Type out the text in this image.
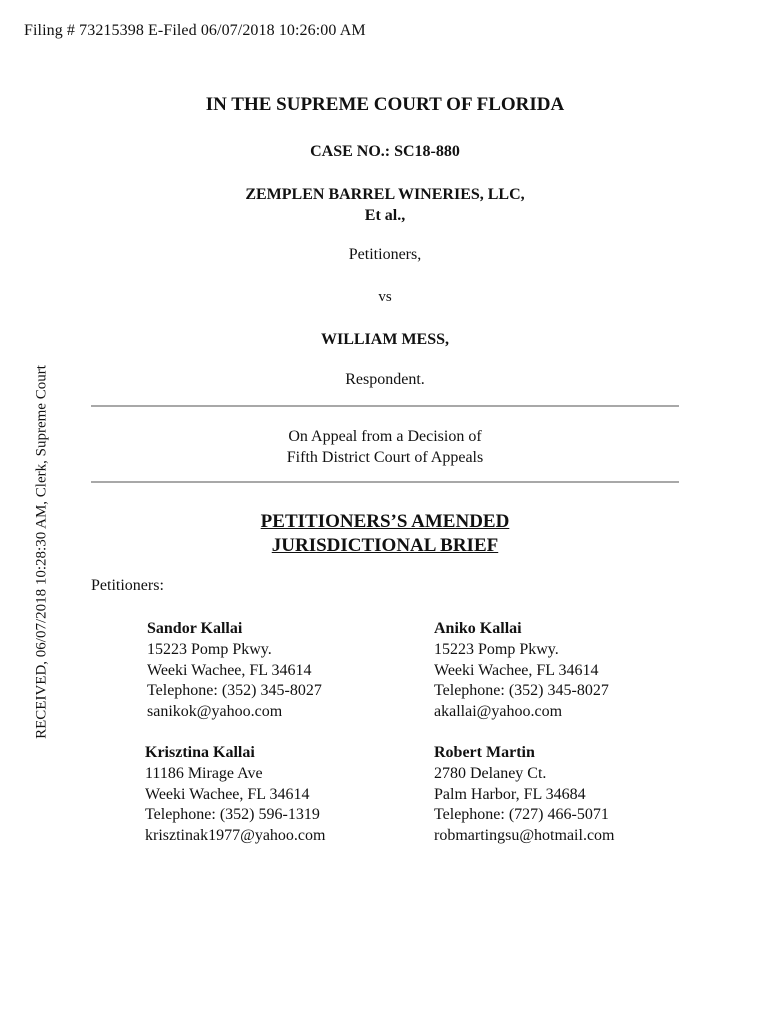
Filing # 73215398 E-Filed 06/07/2018 10:26:00 AM
RECEIVED, 06/07/2018 10:28:30 AM, Clerk, Supreme Court
IN THE SUPREME COURT OF FLORIDA
CASE NO.: SC18-880
ZEMPLEN BARREL WINERIES, LLC,
Et al.,
Petitioners,
vs
WILLIAM MESS,
Respondent.
On Appeal from a Decision of
Fifth District Court of Appeals
PETITIONERS’S AMENDED
JURISDICTIONAL BRIEF
Petitioners:
Sandor Kallai
15223 Pomp Pkwy.
Weeki Wachee, FL 34614
Telephone: (352) 345-8027
sanikok@yahoo.com
Aniko Kallai
15223 Pomp Pkwy.
Weeki Wachee, FL 34614
Telephone: (352) 345-8027
akallai@yahoo.com
Krisztina Kallai
11186 Mirage Ave
Weeki Wachee, FL 34614
Telephone: (352) 596-1319
krisztinak1977@yahoo.com
Robert Martin
2780 Delaney Ct.
Palm Harbor, FL 34684
Telephone: (727) 466-5071
robmartingsu@hotmail.com
